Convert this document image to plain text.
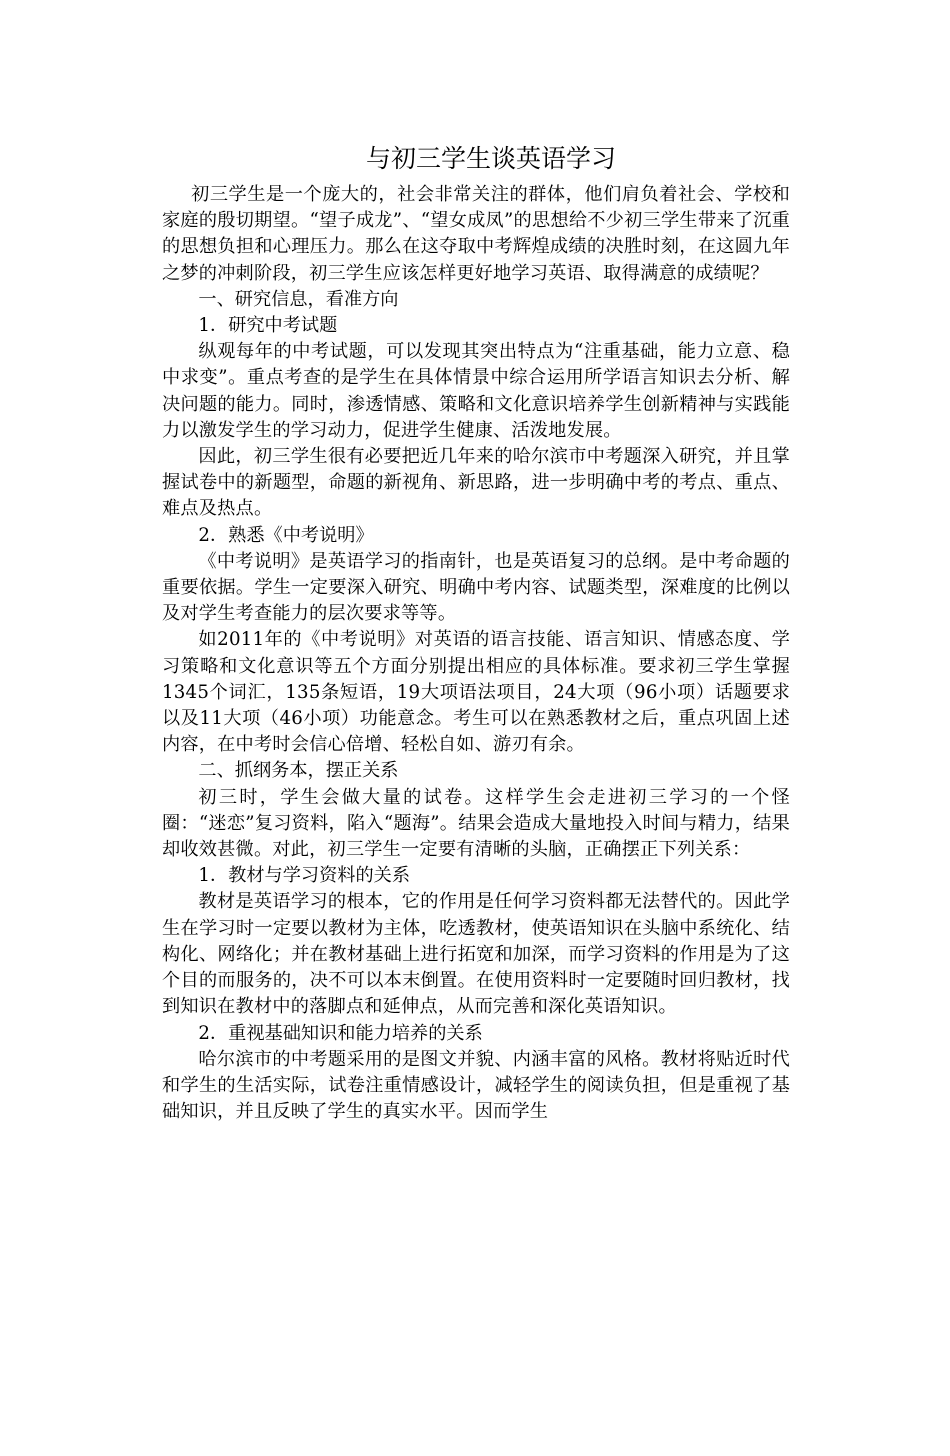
与初三学生谈英语学习

初三学生是一个庞大的，社会非常关注的群体，他们肩负着社会、学校和家庭的殷切期望。“望子成龙”、“望女成凤”的思想给不少初三学生带来了沉重的思想负担和心理压力。那么在这夺取中考辉煌成绩的决胜时刻，在这圆九年之梦的冲刺阶段，初三学生应该怎样更好地学习英语、取得满意的成绩呢？

一、研究信息，看准方向

1．研究中考试题

纵观每年的中考试题，可以发现其突出特点为“注重基础，能力立意、稳中求变”。重点考查的是学生在具体情景中综合运用所学语言知识去分析、解决问题的能力。同时，渗透情感、策略和文化意识培养学生创新精神与实践能力以激发学生的学习动力，促进学生健康、活泼地发展。

因此，初三学生很有必要把近几年来的哈尔滨市中考题深入研究，并且掌握试卷中的新题型，命题的新视角、新思路，进一步明确中考的考点、重点、难点及热点。

2．熟悉《中考说明》

《中考说明》是英语学习的指南针，也是英语复习的总纲。是中考命题的重要依据。学生一定要深入研究、明确中考内容、试题类型，深难度的比例以及对学生考查能力的层次要求等等。

如2011年的《中考说明》对英语的语言技能、语言知识、情感态度、学习策略和文化意识等五个方面分别提出相应的具体标准。要求初三学生掌握1345个词汇，135条短语，19大项语法项目，24大项（96小项）话题要求以及11大项（46小项）功能意念。考生可以在熟悉教材之后，重点巩固上述内容，在中考时会信心倍增、轻松自如、游刃有余。

二、抓纲务本，摆正关系

初三时，学生会做大量的试卷。这样学生会走进初三学习的一个怪圈：“迷恋”复习资料，陷入“题海”。结果会造成大量地投入时间与精力，结果却收效甚微。对此，初三学生一定要有清晰的头脑，正确摆正下列关系：

1．教材与学习资料的关系

教材是英语学习的根本，它的作用是任何学习资料都无法替代的。因此学生在学习时一定要以教材为主体，吃透教材，使英语知识在头脑中系统化、结构化、网络化；并在教材基础上进行拓宽和加深，而学习资料的作用是为了这个目的而服务的，决不可以本末倒置。在使用资料时一定要随时回归教材，找到知识在教材中的落脚点和延伸点，从而完善和深化英语知识。

2．重视基础知识和能力培养的关系

哈尔滨市的中考题采用的是图文并貌、内涵丰富的风格。教材将贴近时代和学生的生活实际，试卷注重情感设计，减轻学生的阅读负担，但是重视了基础知识，并且反映了学生的真实水平。因而学生
